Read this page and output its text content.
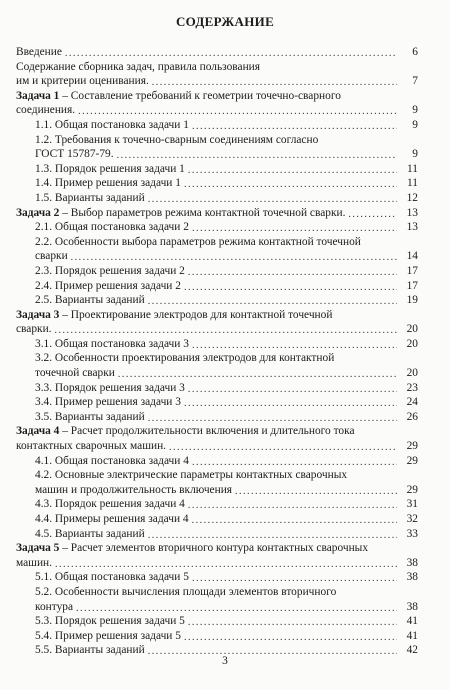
СОДЕРЖАНИЕ
Введение . . .	6
Содержание сборника задач, правила пользования
им и критерии оценивания. . . .	7
Задача 1 – Составление требований к геометрии точечно-сварного
соединения. . . .	9
1.1. Общая постановка задачи 1 . . .	9
1.2. Требования к точечно-сварным соединениям согласно
ГОСТ 15787-79. . . .	9
1.3. Порядок решения задачи 1 . . .	11
1.4. Пример решения задачи 1 . . .	11
1.5. Варианты заданий . . .	12
Задача 2 – Выбор параметров режима контактной точечной сварки. . . .	13
2.1. Общая постановка задачи 2 . . .	13
2.2. Особенности выбора параметров режима контактной точечной
сварки . . .	14
2.3. Порядок решения задачи 2 . . .	17
2.4. Пример решения задачи 2 . . .	17
2.5. Варианты заданий . . .	19
Задача 3 – Проектирование электродов для контактной точечной
сварки. . . .	20
3.1. Общая постановка задачи 3 . . .	20
3.2. Особенности проектирования электродов для контактной
точечной сварки . . .	20
3.3. Порядок решения задачи 3 . . .	23
3.4. Пример решения задачи 3 . . .	24
3.5. Варианты заданий . . .	26
Задача 4 – Расчет продолжительности включения и длительного тока
контактных сварочных машин. . . .	29
4.1. Общая постановка задачи 4 . . .	29
4.2. Основные электрические параметры контактных сварочных
машин и продолжительность включения . . .	29
4.3. Порядок решения задачи 4 . . .	31
4.4. Примеры решения задачи 4 . . .	32
4.5. Варианты заданий . . .	33
Задача 5 – Расчет элементов вторичного контура контактных сварочных
машин. . . .	38
5.1. Общая постановка задачи 5 . . .	38
5.2. Особенности вычисления площади элементов вторичного
контура . . .	38
5.3. Порядок решения задачи 5 . . .	41
5.4. Пример решения задачи 5 . . .	41
5.5. Варианты заданий . . .	42
3
